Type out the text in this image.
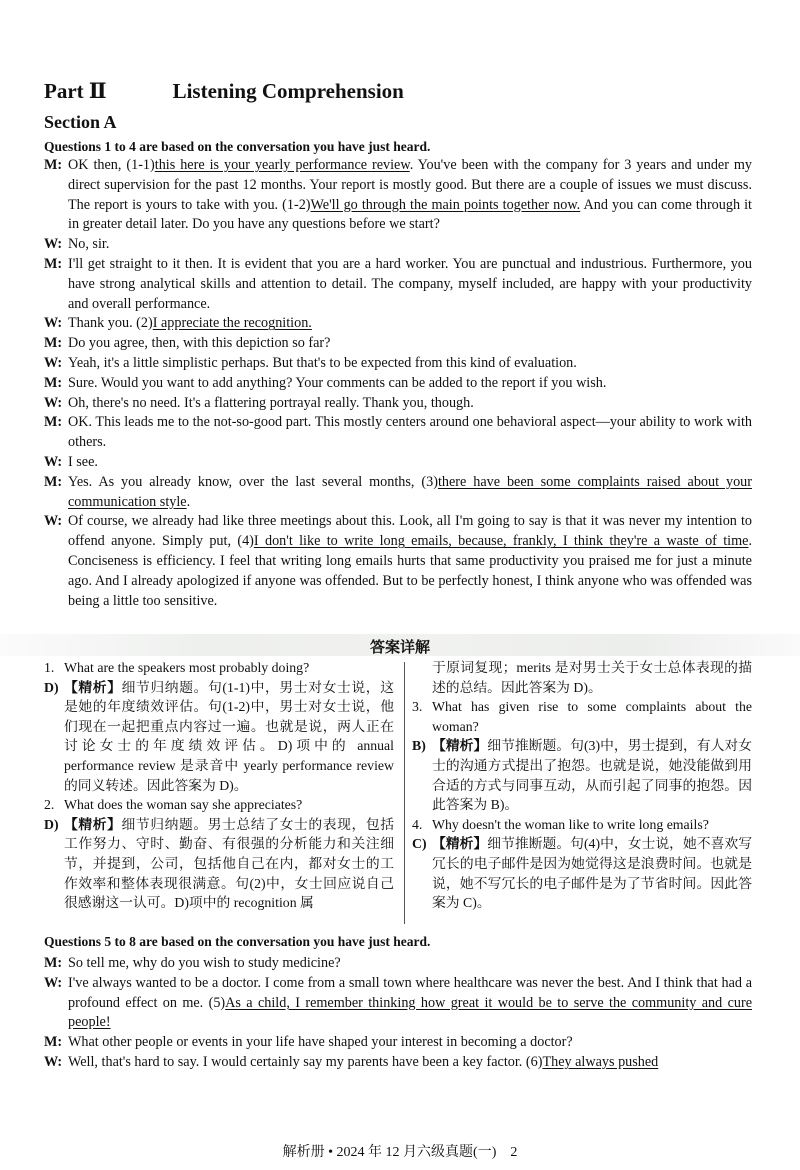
Part Ⅱ	Listening Comprehension
Section A
Questions 1 to 4 are based on the conversation you have just heard.
M: OK then, (1-1)this here is your yearly performance review. You've been with the company for 3 years and under my direct supervision for the past 12 months. Your report is mostly good. But there are a couple of issues we must discuss. The report is yours to take with you. (1-2)We'll go through the main points together now. And you can come through it in greater detail later. Do you have any questions before we start?
W: No, sir.
M: I'll get straight to it then. It is evident that you are a hard worker. You are punctual and industrious. Furthermore, you have strong analytical skills and attention to detail. The company, myself included, are happy with your productivity and overall performance.
W: Thank you. (2)I appreciate the recognition.
M: Do you agree, then, with this depiction so far?
W: Yeah, it's a little simplistic perhaps. But that's to be expected from this kind of evaluation.
M: Sure. Would you want to add anything? Your comments can be added to the report if you wish.
W: Oh, there's no need. It's a flattering portrayal really. Thank you, though.
M: OK. This leads me to the not-so-good part. This mostly centers around one behavioral aspect—your ability to work with others.
W: I see.
M: Yes. As you already know, over the last several months, (3)there have been some complaints raised about your communication style.
W: Of course, we already had like three meetings about this. Look, all I'm going to say is that it was never my intention to offend anyone. Simply put, (4)I don't like to write long emails, because, frankly, I think they're a waste of time. Conciseness is efficiency. I feel that writing long emails hurts that same productivity you praised me for just a minute ago. And I already apologized if anyone was offended. But to be perfectly honest, I think anyone who was offended was being a little too sensitive.
答案详解
1. What are the speakers most probably doing?
D) 【精析】细节归纳题。句(1-1)中，男士对女士说，这是她的年度绩效评估。句(1-2)中，男士对女士说，他们现在一起把重点内容过一遍。也就是说，两人正在讨论女士的年度绩效评估。D)项中的 annual performance review 是录音中 yearly performance review 的同义转述。因此答案为 D)。
2. What does the woman say she appreciates?
D) 【精析】细节归纳题。男士总结了女士的表现，包括工作努力、守时、勤奋、有很强的分析能力和关注细节，并提到，公司，包括他自己在内，都对女士的工作效率和整体表现很满意。句(2)中，女士回应说自己很感谢这一认可。D)项中的 recognition 属
于原词复现；merits 是对男士关于女士总体表现的描述的总结。因此答案为 D)。
3. What has given rise to some complaints about the woman?
B) 【精析】细节推断题。句(3)中，男士提到，有人对女士的沟通方式提出了抱怨。也就是说，她没能做到用合适的方式与同事互动，从而引起了同事的抱怨。因此答案为 B)。
4. Why doesn't the woman like to write long emails?
C) 【精析】细节推断题。句(4)中，女士说，她不喜欢写冗长的电子邮件是因为她觉得这是浪费时间。也就是说，她不写冗长的电子邮件是为了节省时间。因此答案为 C)。
Questions 5 to 8 are based on the conversation you have just heard.
M: So tell me, why do you wish to study medicine?
W: I've always wanted to be a doctor. I come from a small town where healthcare was never the best. And I think that had a profound effect on me. (5)As a child, I remember thinking how great it would be to serve the community and cure people!
M: What other people or events in your life have shaped your interest in becoming a doctor?
W: Well, that's hard to say. I would certainly say my parents have been a key factor. (6)They always pushed
解析册 • 2024 年 12 月六级真题(一)　2
